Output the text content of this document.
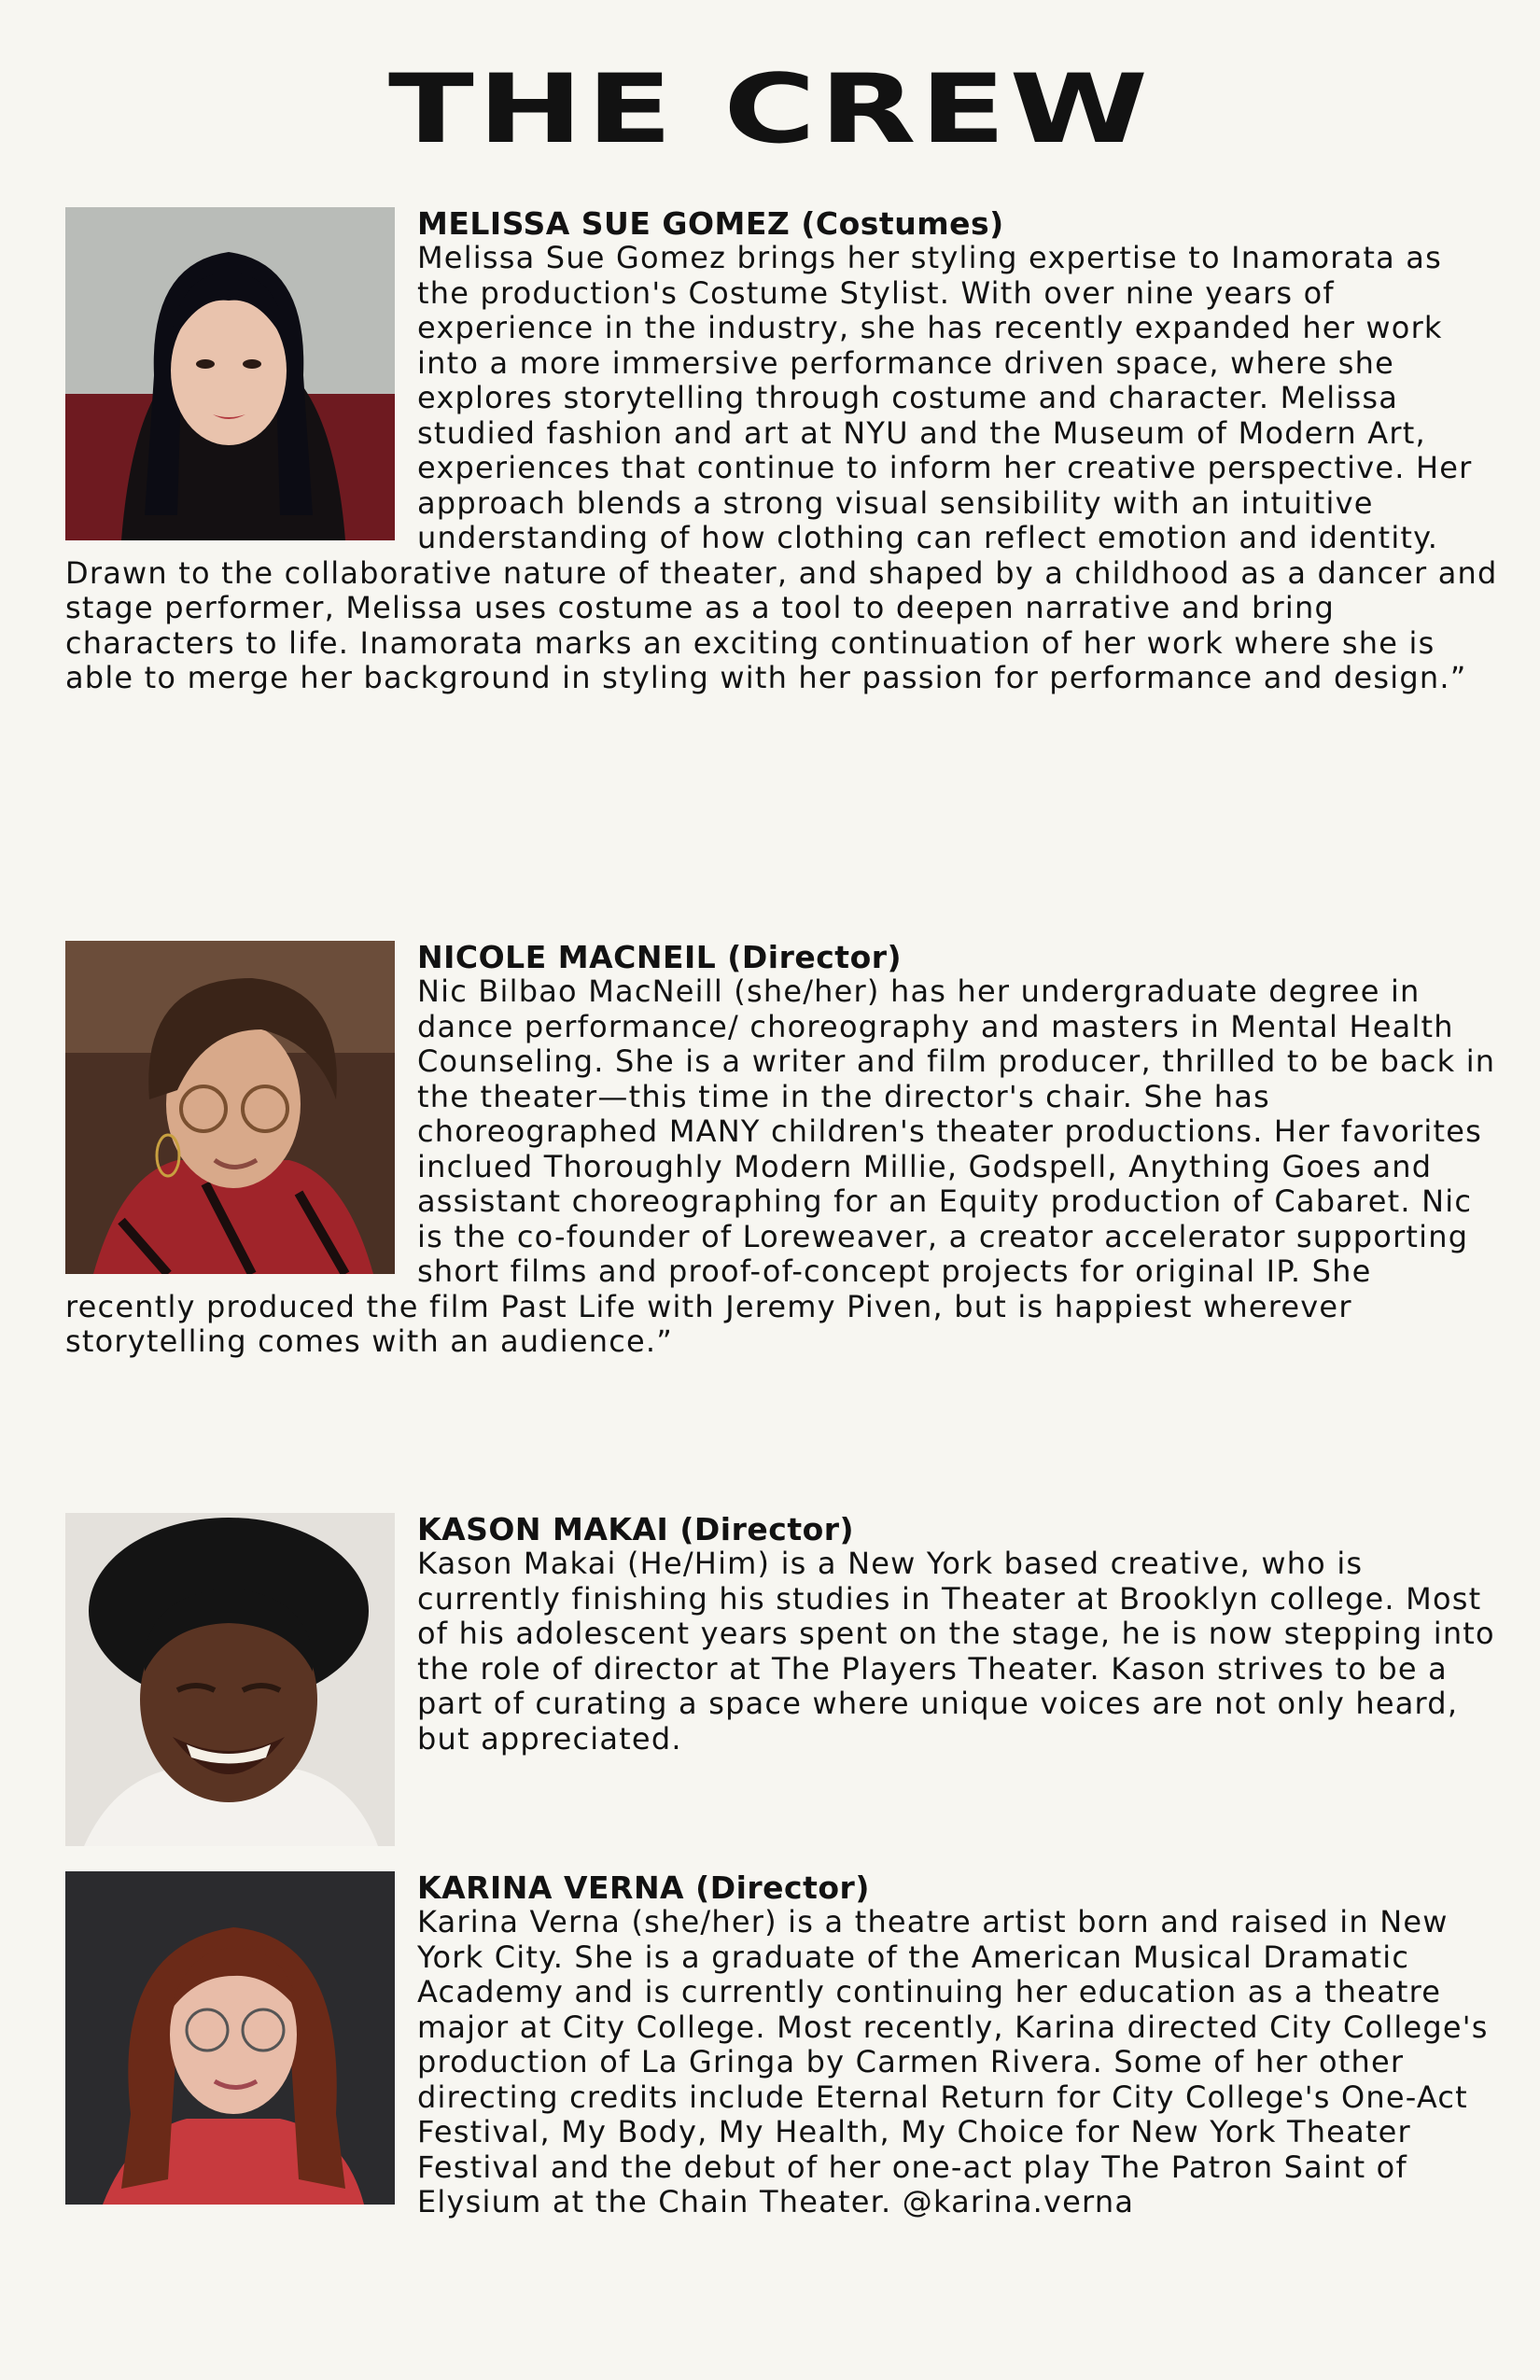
THE CREW
MELISSA SUE GOMEZ (Costumes)
Melissa Sue Gomez brings her styling expertise to Inamorata as the production's Costume Stylist. With over nine years of experience in the industry, she has recently expanded her work into a more immersive performance driven space, where she explores storytelling through costume and character. Melissa studied fashion and art at NYU and the Museum of Modern Art, experiences that continue to inform her creative perspective. Her approach blends a strong visual sensibility with an intuitive understanding of how clothing can reflect emotion and identity. Drawn to the collaborative nature of theater, and shaped by a childhood as a dancer and stage performer, Melissa uses costume as a tool to deepen narrative and bring characters to life. Inamorata marks an exciting continuation of her work where she is able to merge her background in styling with her passion for performance and design.”
NICOLE MACNEIL (Director)
Nic Bilbao MacNeill (she/her) has her undergraduate degree in dance performance/ choreography and masters in Mental Health Counseling. She is a writer and film producer, thrilled to be back in the theater—this time in the director's chair. She has choreographed MANY children's theater productions. Her favorites inclued Thoroughly Modern Millie, Godspell, Anything Goes and assistant choreographing for an Equity production of Cabaret. Nic is the co-founder of Loreweaver, a creator accelerator supporting short films and proof-of-concept projects for original IP. She recently produced the film Past Life with Jeremy Piven, but is happiest wherever storytelling comes with an audience.”
KASON MAKAI (Director)
Kason Makai (He/Him) is a New York based creative, who is currently finishing his studies in Theater at Brooklyn college. Most of his adolescent years spent on the stage, he is now stepping into the role of director at The Players Theater. Kason strives to be a part of curating a space where unique voices are not only heard, but appreciated.
KARINA VERNA (Director)
Karina Verna (she/her) is a theatre artist born and raised in New York City. She is a graduate of the American Musical Dramatic Academy and is currently continuing her education as a theatre major at City College. Most recently, Karina directed City College's production of La Gringa by Carmen Rivera. Some of her other directing credits include Eternal Return for City College's One-Act Festival, My Body, My Health, My Choice for New York Theater Festival and the debut of her one-act play The Patron Saint of Elysium at the Chain Theater. @karina.verna
